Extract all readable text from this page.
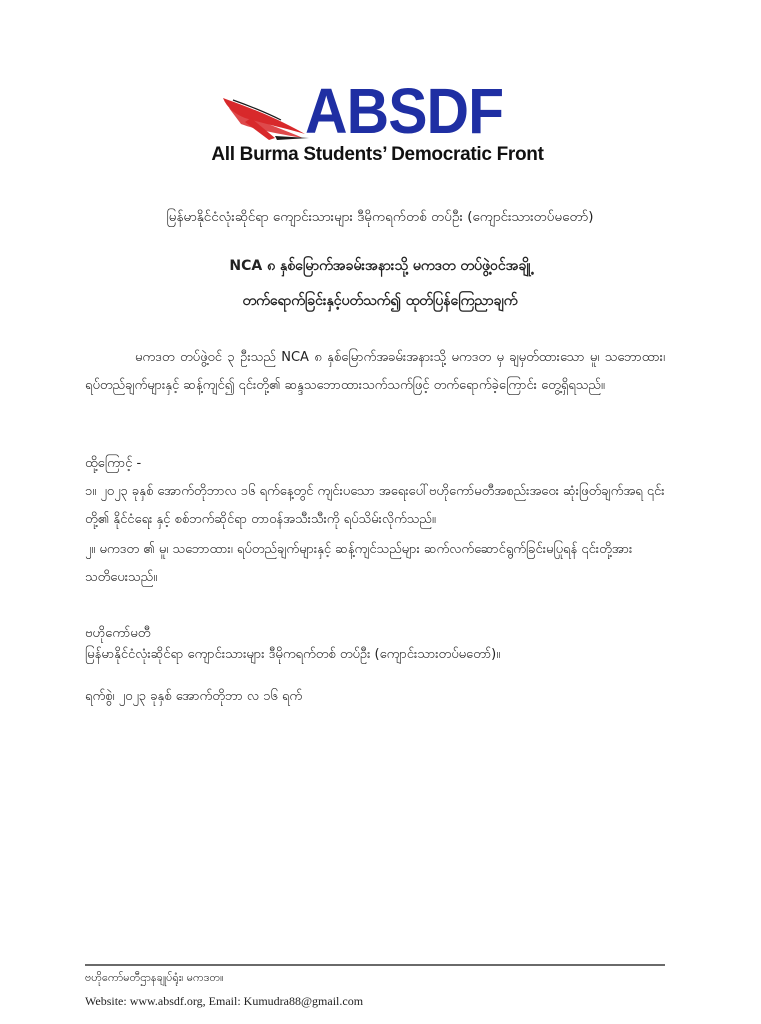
ABSDF
All Burma Students’ Democratic Front
မြန်မာနိုင်ငံလုံးဆိုင်ရာ ကျောင်းသားများ ဒီမိုကရက်တစ် တပ်ဦး (ကျောင်းသားတပ်မတော်)
NCA ၈ နှစ်မြောက်အခမ်းအနားသို့ မကဒတ တပ်ဖွဲ့ဝင်အချို့
တက်ရောက်ခြင်းနှင့်ပတ်သက်၍ ထုတ်ပြန်ကြေညာချက်
မကဒတ တပ်ဖွဲ့ဝင် ၃ ဦးသည် NCA ၈ နှစ်မြောက်အခမ်းအနားသို့ မကဒတ မှ ချမှတ်ထားသော မူ၊ သဘောထား၊ ရပ်တည်ချက်များနှင့် ဆန့်ကျင်၍ ၎င်းတို့၏ ဆန္ဒသဘောထားသက်သက်ဖြင့် တက်ရောက်ခဲ့ကြောင်း တွေ့ရှိရသည်။
ထို့ကြောင့် -
၁။ ၂၀၂၃ ခုနှစ် အောက်တိုဘာလ ၁၆ ရက်နေ့တွင် ကျင်းပသော အရေးပေါ်ဗဟိုကော်မတီအစည်းအဝေး ဆုံးဖြတ်ချက်အရ ၎င်းတို့၏ နိုင်ငံရေး နှင့် စစ်ဘက်ဆိုင်ရာ တာဝန်အသီးသီးကို ရပ်သိမ်းလိုက်သည်။
၂။ မကဒတ ၏ မူ၊ သဘောထား၊ ရပ်တည်ချက်များနှင့် ဆန့်ကျင်သည်များ ဆက်လက်ဆောင်ရွက်ခြင်းမပြုရန် ၎င်းတို့အား သတိပေးသည်။
ဗဟိုကော်မတီ
မြန်မာနိုင်ငံလုံးဆိုင်ရာ ကျောင်းသားများ ဒီမိုကရက်တစ် တပ်ဦး (ကျောင်းသားတပ်မတော်)။
ရက်စွဲ၊ ၂၀၂၃ ခုနှစ် အောက်တိုဘာ လ ၁၆ ရက်
ဗဟိုကော်မတီဌာနချုပ်ရုံး၊ မကဒတ။
Website: www.absdf.org, Email: Kumudra88@gmail.com
